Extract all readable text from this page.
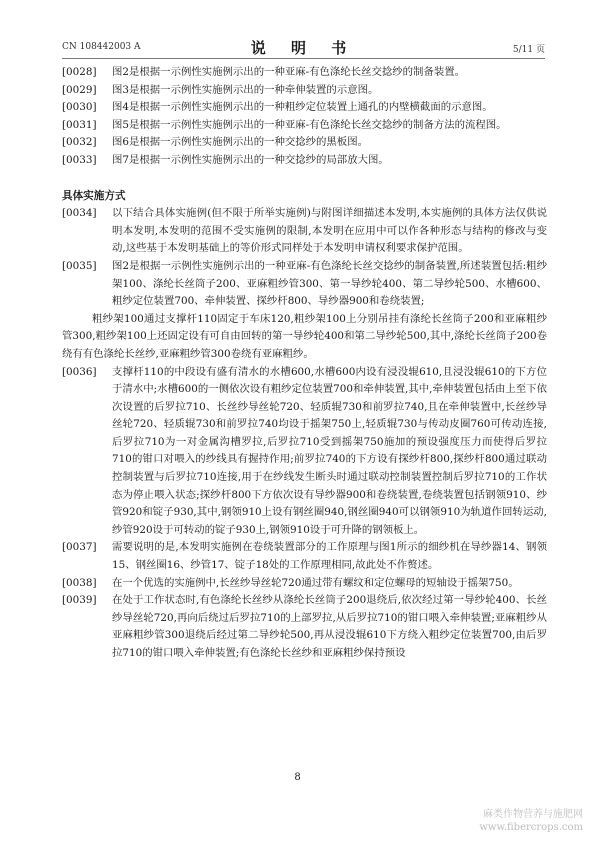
CN 108442003 A	说 明 书	5/11 页

[0028] 图2是根据一示例性实施例示出的一种亚麻-有色涤纶长丝交捻纱的制备装置。

[0029] 图3是根据一示例性实施例示出的一种牵伸装置的示意图。

[0030] 图4是根据一示例性实施例示出的一种粗纱定位装置上通孔的内壁横截面的示意图。

[0031] 图5是根据一示例性实施例示出的一种亚麻-有色涤纶长丝交捻纱的制备方法的流程图。

[0032] 图6是根据一示例性实施例示出的一种交捻纱的黑板图。

[0033] 图7是根据一示例性实施例示出的一种交捻纱的局部放大图。

具体实施方式

[0034] 以下结合具体实施例(但不限于所举实施例)与附图详细描述本发明,本实施例的具体方法仅供说明本发明,本发明的范围不受实施例的限制,本发明在应用中可以作各种形态与结构的修改与变动,这些基于本发明基础上的等价形式同样处于本发明申请权利要求保护范围。

[0035] 图2是根据一示例性实施例示出的一种亚麻-有色涤纶长丝交捻纱的制备装置,所述装置包括:粗纱架100、涤纶长丝筒子200、亚麻粗纱管300、第一导纱轮400、第二导纱轮500、水槽600、粗纱定位装置700、牵伸装置、探纱杆800、导纱器900和卷绕装置;

粗纱架100通过支撑杆110固定于车床120,粗纱架100上分别吊挂有涤纶长丝筒子200和亚麻粗纱管300,粗纱架100上还固定设有可自由回转的第一导纱轮400和第二导纱轮500,其中,涤纶长丝筒子200卷绕有有色涤纶长丝纱,亚麻粗纱管300卷绕有亚麻粗纱。

[0036] 支撑杆110的中段设有盛有清水的水槽600,水槽600内设有浸没辊610,且浸没辊610的下方位于清水中;水槽600的一侧依次设有粗纱定位装置700和牵伸装置,其中,牵伸装置包括由上至下依次设置的后罗拉710、长丝纱导丝轮720、轻质辊730和前罗拉740,且在牵伸装置中,长丝纱导丝轮720、轻质辊730和前罗拉740均设于摇架750上,轻质辊730与传动皮圈760可传动连接,后罗拉710为一对金属沟槽罗拉,后罗拉710受到摇架750施加的预设强度压力而使得后罗拉710的钳口对喂入的纱线具有握持作用;前罗拉740的下方设有探纱杆800,探纱杆800通过联动控制装置与后罗拉710连接,用于在纱线发生断头时通过联动控制装置控制后罗拉710的工作状态为停止喂入状态;探纱杆800下方依次设有导纱器900和卷绕装置,卷绕装置包括钢领910、纱管920和锭子930,其中,钢领910上设有钢丝圈940,钢丝圈940可以钢领910为轨道作回转运动,纱管920设于可转动的锭子930上,钢领910设于可升降的钢领板上。

[0037] 需要说明的是,本发明实施例在卷绕装置部分的工作原理与图1所示的细纱机在导纱器14、钢领15、钢丝圈16、纱管17、锭子18处的工作原理相同,故此处不作赘述。

[0038] 在一个优选的实施例中,长丝纱导丝轮720通过带有螺纹和定位螺母的短轴设于摇架750。

[0039] 在处于工作状态时,有色涤纶长丝纱从涤纶长丝筒子200退绕后,依次经过第一导纱轮400、长丝纱导丝轮720,再向后绕过后罗拉710的上部罗拉,从后罗拉710的钳口喂入牵伸装置;亚麻粗纱从亚麻粗纱管300退绕后经过第二导纱轮500,再从浸没辊610下方绕入粗纱定位装置700,由后罗拉710的钳口喂入牵伸装置;有色涤纶长丝纱和亚麻粗纱保持预设

8
麻类作物营养与施肥网
www.fibercrops.com
